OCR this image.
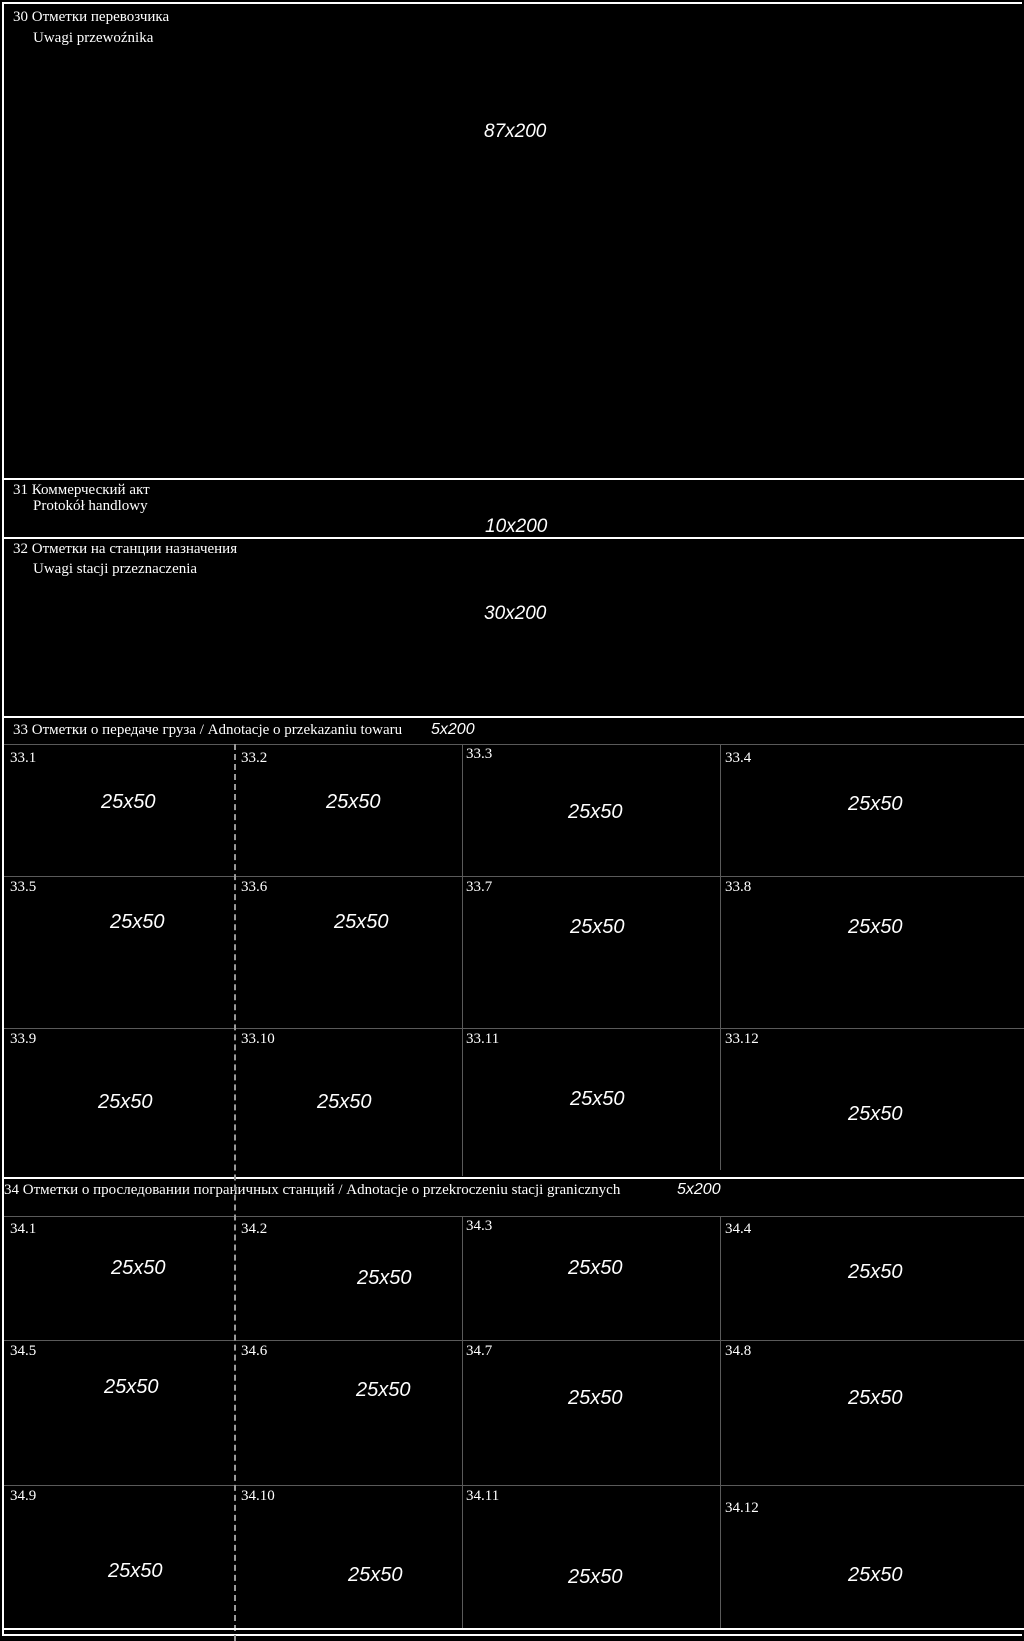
30 Отметки перевозчика
Uwagi przewoźnika
87x200
31 Коммерческий акт
Protokół handlowy
10x200
32 Отметки на станции назначения
Uwagi stacji przeznaczenia
30x200
33 Отметки о передаче груза / Adnotacje o przekazaniu towaru 5x200
34 Отметки о проследовании пограничных станций / Adnotacje o przekroczeniu stacji granicznych	5x200
33.1
25x50
33.2
25x50
33.3
25x50
33.4
25x50
33.5
25x50
33.6
25x50
33.7
25x50
33.8
25x50
33.9
25x50
33.10
25x50
33.11
25x50
33.12
25x50
34.1
25x50
34.2
25x50
34.3
25x50
34.4
25x50
34.5
25x50
34.6
25x50
34.7
25x50
34.8
25x50
34.9
25x50
34.10
25x50
34.11
25x50
34.12
25x50
